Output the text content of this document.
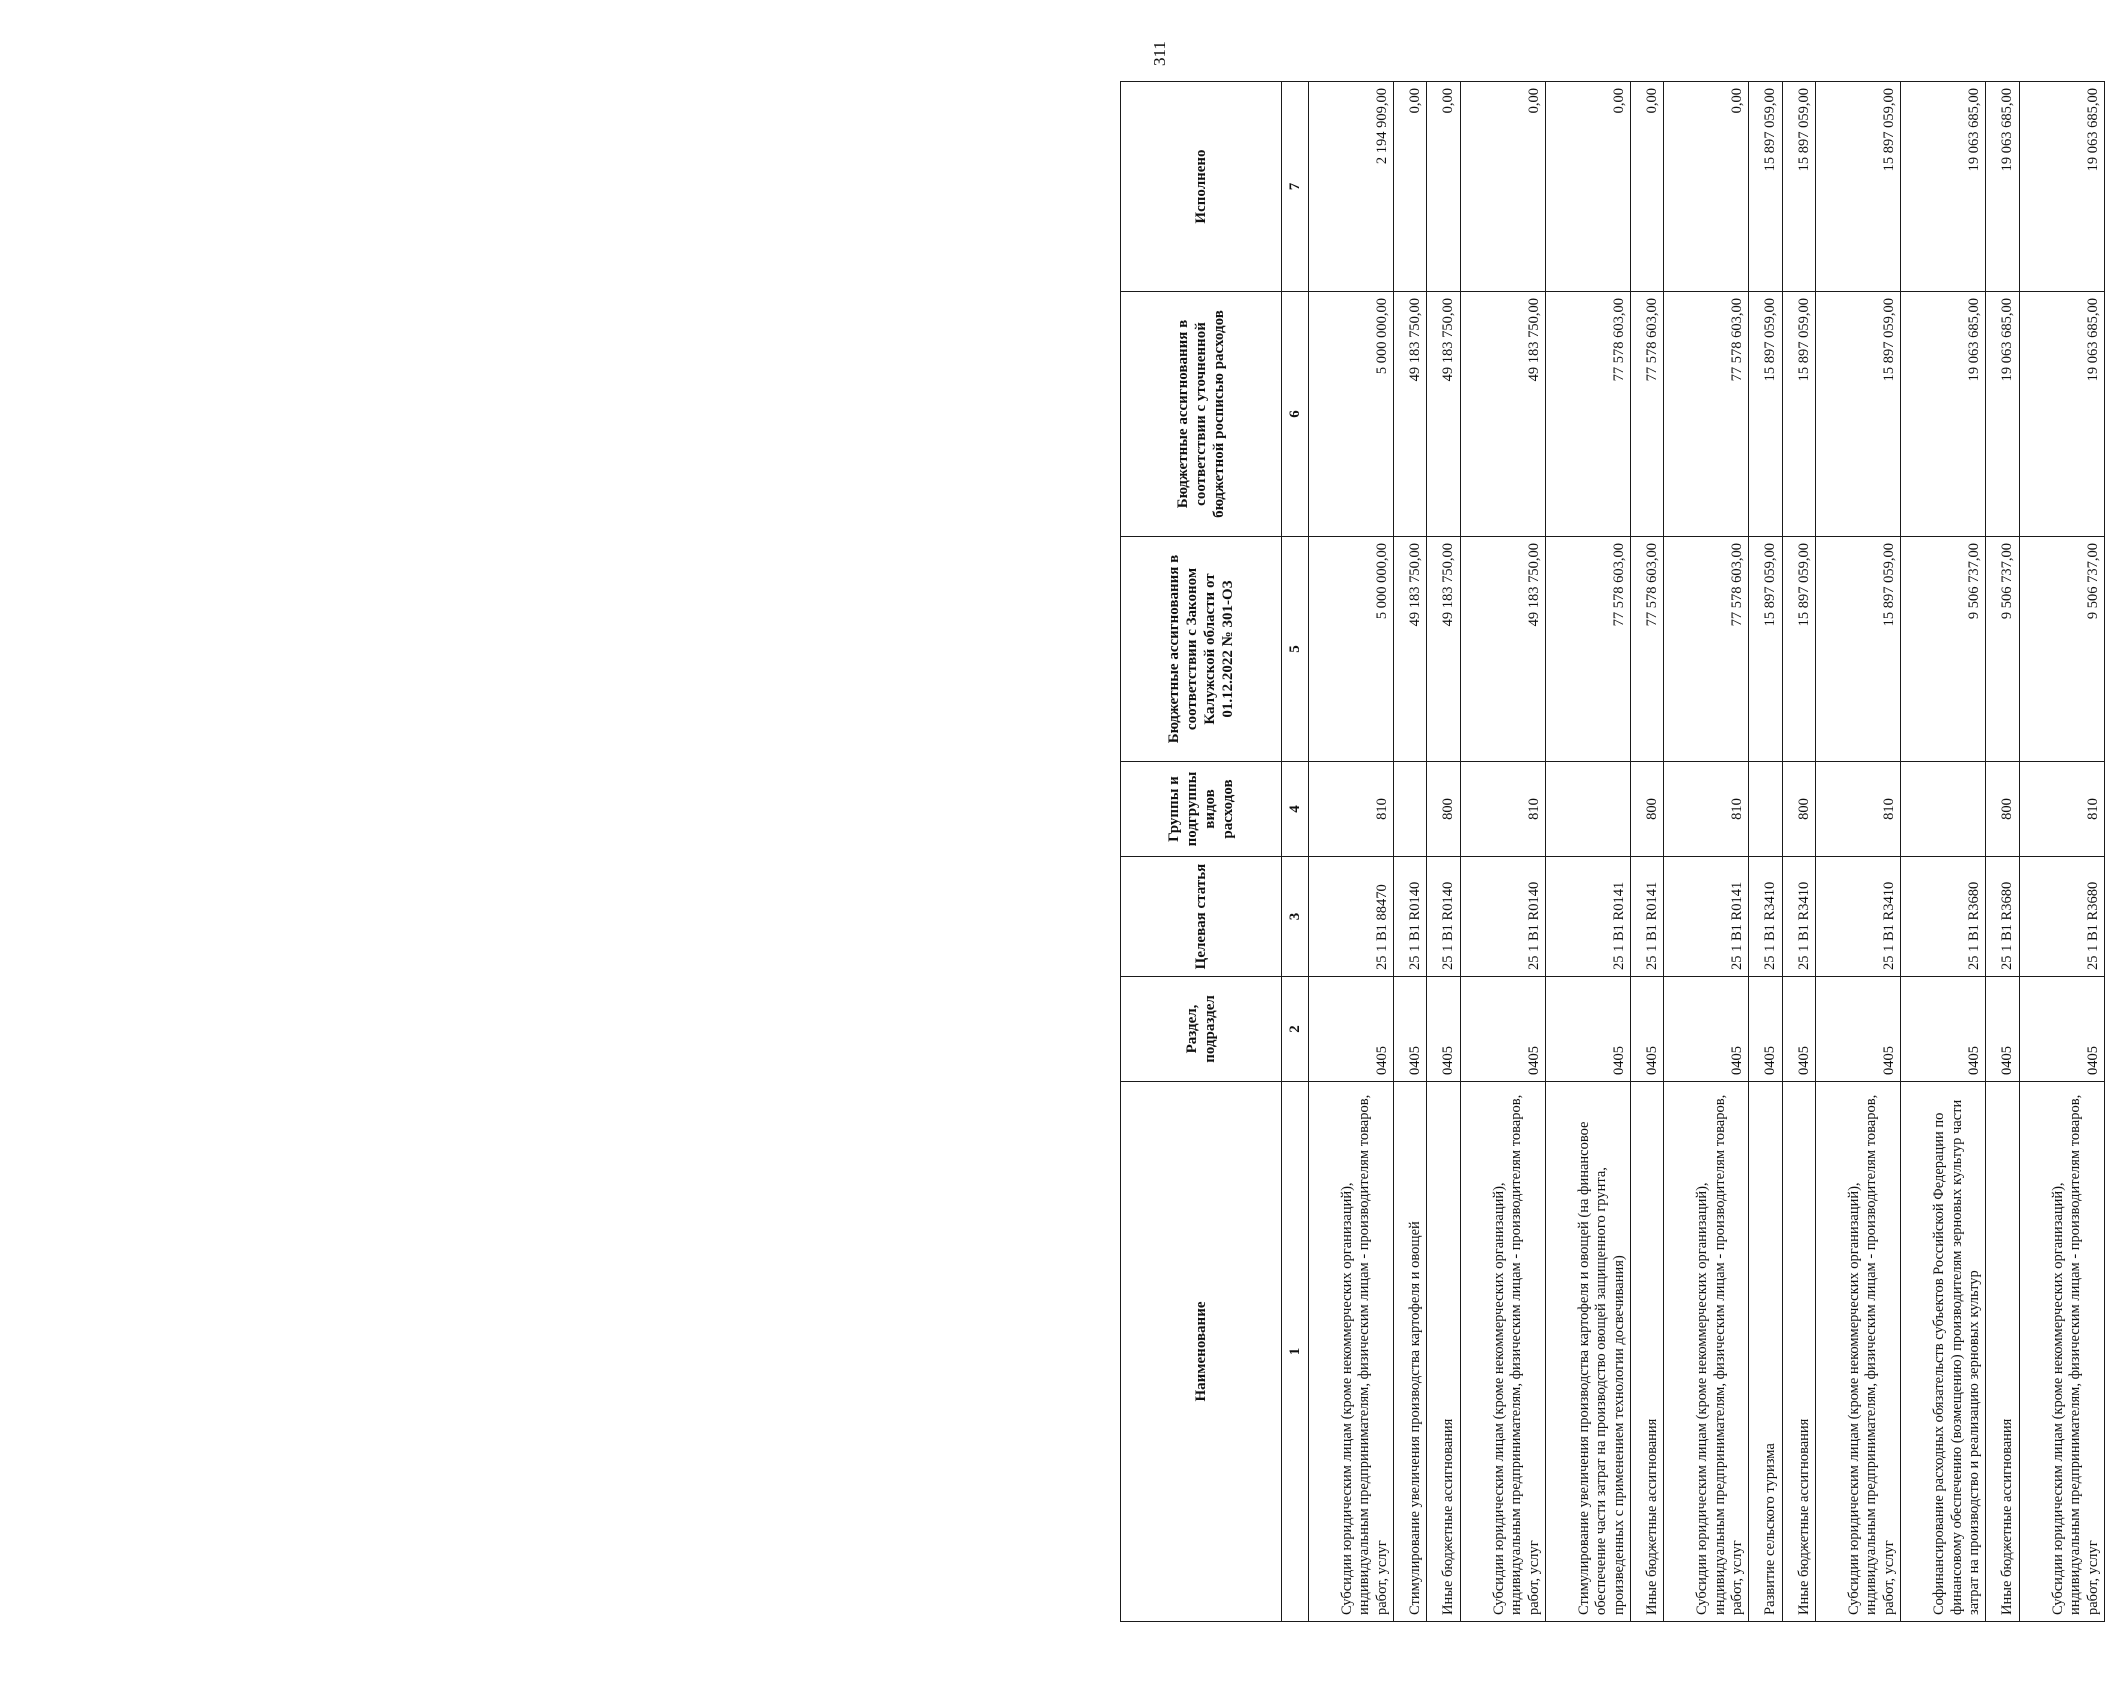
311
Наименование	Раздел, подраздел	Целевая статья	Группы и подгруппы видов расходов	Бюджетные ассигнования в соответствии с Законом Калужской области от 01.12.2022 № 301-ОЗ	Бюджетные ассигнования в соответствии с уточненной бюджетной росписью расходов	Исполнено
1	2	3	4	5	6	7
Субсидии юридическим лицам (кроме некоммерческих организаций), индивидуальным предпринимателям, физическим лицам - производителям товаров, работ, услуг	0405	25 1 B1 88470	810	5 000 000,00	5 000 000,00	2 194 909,00
Стимулирование увеличения производства картофеля и овощей	0405	25 1 B1 R0140		49 183 750,00	49 183 750,00	0,00
Иные бюджетные ассигнования	0405	25 1 B1 R0140	800	49 183 750,00	49 183 750,00	0,00
Субсидии юридическим лицам (кроме некоммерческих организаций), индивидуальным предпринимателям, физическим лицам - производителям товаров, работ, услуг	0405	25 1 B1 R0140	810	49 183 750,00	49 183 750,00	0,00
Стимулирование увеличения производства картофеля и овощей (на финансовое обеспечение части затрат на производство овощей защищенного грунта, произведенных с применением технологии досвечивания)	0405	25 1 B1 R0141		77 578 603,00	77 578 603,00	0,00
Иные бюджетные ассигнования	0405	25 1 B1 R0141	800	77 578 603,00	77 578 603,00	0,00
Субсидии юридическим лицам (кроме некоммерческих организаций), индивидуальным предпринимателям, физическим лицам - производителям товаров, работ, услуг	0405	25 1 B1 R0141	810	77 578 603,00	77 578 603,00	0,00
Развитие сельского туризма	0405	25 1 B1 R3410		15 897 059,00	15 897 059,00	15 897 059,00
Иные бюджетные ассигнования	0405	25 1 B1 R3410	800	15 897 059,00	15 897 059,00	15 897 059,00
Субсидии юридическим лицам (кроме некоммерческих организаций), индивидуальным предпринимателям, физическим лицам - производителям товаров, работ, услуг	0405	25 1 B1 R3410	810	15 897 059,00	15 897 059,00	15 897 059,00
Софинансирование расходных обязательств субъектов Российской Федерации по финансовому обеспечению (возмещению) производителям зерновых культур части затрат на производство и реализацию зерновых культур	0405	25 1 B1 R3680		9 506 737,00	19 063 685,00	19 063 685,00
Иные бюджетные ассигнования	0405	25 1 B1 R3680	800	9 506 737,00	19 063 685,00	19 063 685,00
Субсидии юридическим лицам (кроме некоммерческих организаций), индивидуальным предпринимателям, физическим лицам - производителям товаров, работ, услуг	0405	25 1 B1 R3680	810	9 506 737,00	19 063 685,00	19 063 685,00
